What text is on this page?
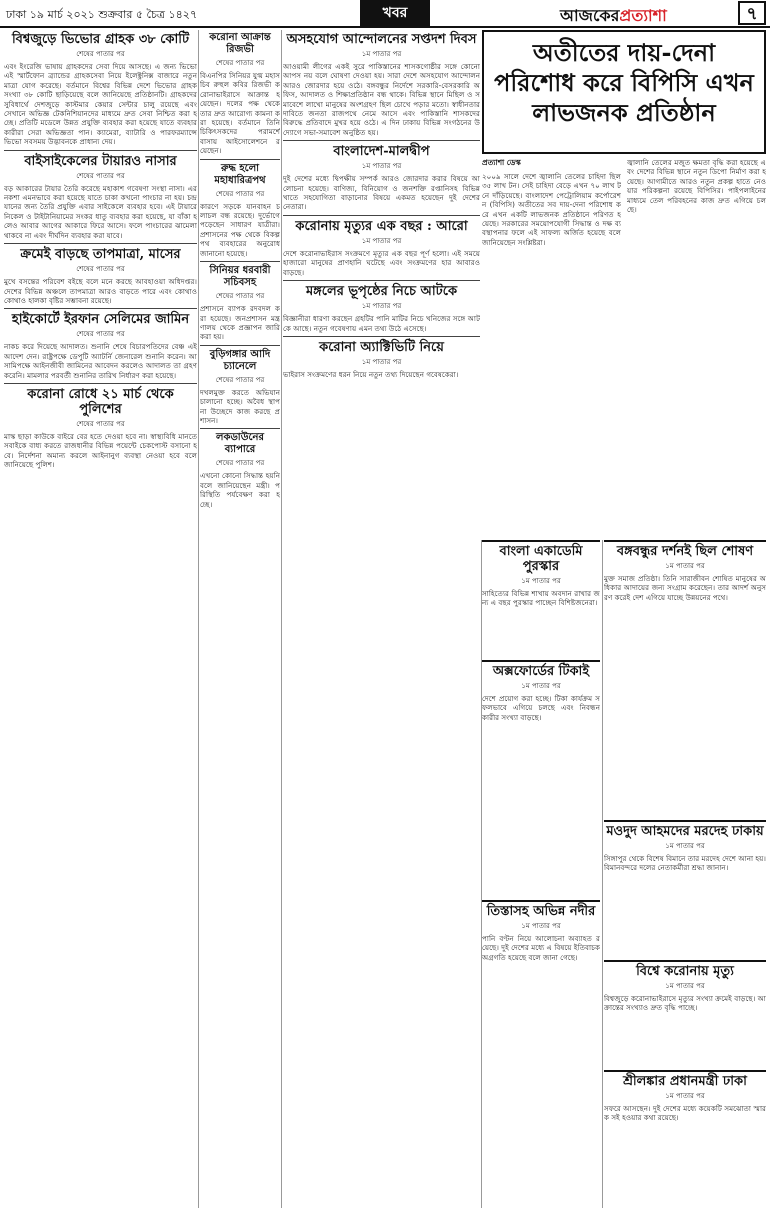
ঢাকা ১৯ মার্চ ২০২১ শুক্রবার ৫ চৈত্র ১৪২৭	খবর	আজকেরপ্রত্যাশা	৭
বিশ্বজুড়ে ভিভোর গ্রাহক ৩৮ কোটি
শেষের পাতার পর

এবং ইংরেজি ভাষায় গ্রাহকদের সেবা দিয়ে আসছে। এ জন্য ভিভো এই স্মার্টফোন ব্র্যান্ডের গ্রাহকসেবা নিয়ে ইলেক্ট্রনিক্স বাজারে নতুন মাত্রা যোগ করেছে। বর্তমানে বিশ্বের বিভিন্ন দেশে ভিভোর গ্রাহক সংখ্যা ৩৮ কোটি ছাড়িয়েছে বলে জানিয়েছে প্রতিষ্ঠানটি। গ্রাহকদের সুবিধার্থে দেশজুড়ে কাস্টমার কেয়ার সেন্টার চালু রয়েছে এবং সেখানে অভিজ্ঞ টেকনিশিয়ানদের মাধ্যমে দ্রুত সেবা নিশ্চিত করা হচ্ছে। প্রতিটি মডেলে উন্নত প্রযুক্তি ব্যবহার করা হয়েছে যাতে ব্যবহারকারীরা সেরা অভিজ্ঞতা পান। ক্যামেরা, ব্যাটারি ও পারফরম্যান্সে ভিভো সবসময় উদ্ভাবনকে প্রাধান্য দেয়।

বাইসাইকেলের টায়ারও নাসার
শেষের পাতার পর

বড় আকারের টায়ার তৈরি করেছে মহাকাশ গবেষণা সংস্থা নাসা। এর নকশা এমনভাবে করা হয়েছে যাতে চাকা কখনো পাংচার না হয়। চন্দ্রযানের জন্য তৈরি প্রযুক্তি এবার সাইকেলে ব্যবহার হবে। এই টায়ারে নিকেল ও টাইটানিয়ামের সংকর ধাতু ব্যবহার করা হয়েছে, যা বাঁকা হলেও আবার আগের আকারে ফিরে আসে। ফলে পাংচারের ঝামেলা থাকবে না এবং দীর্ঘদিন ব্যবহার করা যাবে।

ক্রমেই বাড়ছে তাপমাত্রা, মাসের
শেষের পাতার পর

মুখে বসন্তের পরিবেশ বইছে বলে মনে করছে আবহাওয়া অধিদপ্তর। দেশের বিভিন্ন অঞ্চলে তাপমাত্রা আরও বাড়তে পারে এবং কোথাও কোথাও হালকা বৃষ্টির সম্ভাবনা রয়েছে।

হাইকোর্টে ইরফান সেলিমের জামিন
শেষের পাতার পর

নাকচ করে দিয়েছে আদালত। শুনানি শেষে বিচারপতিদের বেঞ্চ এই আদেশ দেন। রাষ্ট্রপক্ষে ডেপুটি অ্যাটর্নি জেনারেল শুনানি করেন। আসামিপক্ষে আইনজীবী জামিনের আবেদন করলেও আদালত তা গ্রহণ করেনি। মামলার পরবর্তী শুনানির তারিখ নির্ধারণ করা হয়েছে।

করোনা রোধে ২১ মার্চ থেকে পুলিশের
শেষের পাতার পর

মাস্ক ছাড়া কাউকে বাইরে বের হতে দেওয়া হবে না। স্বাস্থ্যবিধি মানতে সবাইকে বাধ্য করতে রাজধানীর বিভিন্ন পয়েন্টে চেকপোস্ট বসানো হবে। নির্দেশনা অমান্য করলে আইনানুগ ব্যবস্থা নেওয়া হবে বলে জানিয়েছে পুলিশ।

করোনা আক্রান্ত রিজভী
শেষের পাতার পর

বিএনপির সিনিয়র যুগ্ম মহাসচিব রুহুল কবির রিজভী করোনাভাইরাসে আক্রান্ত হয়েছেন। দলের পক্ষ থেকে তার দ্রুত আরোগ্য কামনা করা হয়েছে। বর্তমানে তিনি চিকিৎসকদের পরামর্শে বাসায় আইসোলেশনে রয়েছেন।

রুদ্ধ হলো মহাধারিত্রপথ
শেষের পাতার পর

কারণে সড়কে যানবাহন চলাচল বন্ধ রয়েছে। দুর্ভোগে পড়েছেন সাধারণ যাত্রীরা। প্রশাসনের পক্ষ থেকে বিকল্প পথ ব্যবহারের অনুরোধ জানানো হয়েছে।

সিনিয়র ধরবারী সচিবসহ
শেষের পাতার পর

প্রশাসনে ব্যাপক রদবদল করা হয়েছে। জনপ্রশাসন মন্ত্রণালয় থেকে প্রজ্ঞাপন জারি করা হয়।

বুড়িগঙ্গার আদি চ্যানেলে
শেষের পাতার পর

দখলমুক্ত করতে অভিযান চালানো হচ্ছে। অবৈধ স্থাপনা উচ্ছেদে কাজ করছে প্রশাসন।

লকডাউনের ব্যাপারে
শেষের পাতার পর

এখনো কোনো সিদ্ধান্ত হয়নি বলে জানিয়েছেন মন্ত্রী। পরিস্থিতি পর্যবেক্ষণ করা হচ্ছে।

অসহযোগ আন্দোলনের সপ্তদশ দিবস
১ম পাতার পর

আওয়ামী লীগের একই সুরে পাকিস্তানের শাসকগোষ্ঠীর সঙ্গে কোনো আপস নয় বলে ঘোষণা দেওয়া হয়। সারা দেশে অসহযোগ আন্দোলন আরও জোরদার হয়ে ওঠে। বঙ্গবন্ধুর নির্দেশে সরকারি-বেসরকারি অফিস, আদালত ও শিক্ষাপ্রতিষ্ঠান বন্ধ থাকে। বিভিন্ন স্থানে মিছিল ও সমাবেশে লাখো মানুষের অংশগ্রহণ ছিল চোখে পড়ার মতো। স্বাধীনতার দাবিতে জনতা রাজপথে নেমে আসে এবং পাকিস্তানি শাসকদের বিরুদ্ধে প্রতিবাদে মুখর হয়ে ওঠে। এ দিন ঢাকায় বিভিন্ন সংগঠনের উদ্যোগে সভা-সমাবেশ অনুষ্ঠিত হয়।

বাংলাদেশ-মালদ্বীপ
১ম পাতার পর

দুই দেশের মধ্যে দ্বিপক্ষীয় সম্পর্ক আরও জোরদার করার বিষয়ে আলোচনা হয়েছে। বাণিজ্য, বিনিয়োগ ও জনশক্তি রপ্তানিসহ বিভিন্ন খাতে সহযোগিতা বাড়ানোর বিষয়ে একমত হয়েছেন দুই দেশের নেতারা।

করোনায় মৃত্যুর এক বছর : আরো
১ম পাতার পর

দেশে করোনাভাইরাস সংক্রমণে মৃত্যুর এক বছর পূর্ণ হলো। এই সময়ে হাজারো মানুষের প্রাণহানি ঘটেছে এবং সংক্রমণের হার আবারও বাড়ছে।

মঙ্গলের ভূপৃষ্ঠের নিচে আটকে
১ম পাতার পর

বিজ্ঞানীরা ধারণা করছেন গ্রহটির পানি মাটির নিচে খনিজের সঙ্গে আটকে আছে। নতুন গবেষণায় এমন তথ্য উঠে এসেছে।

করোনা অ্যাক্টিভিটি নিয়ে
১ম পাতার পর

ভাইরাস সংক্রমণের ধরন নিয়ে নতুন তথ্য দিয়েছেন গবেষকেরা।

অতীতের দায়-দেনা পরিশোধ করে বিপিসি এখন লাভজনক প্রতিষ্ঠান
প্রত্যাশা ডেস্ক

২০০৯ সালে দেশে জ্বালানি তেলের চাহিদা ছিল ৩৫ লাখ টন। সেই চাহিদা বেড়ে এখন ৭০ লাখ টনে দাঁড়িয়েছে। বাংলাদেশ পেট্রোলিয়াম কর্পোরেশন (বিপিসি) অতীতের সব দায়-দেনা পরিশোধ করে এখন একটি লাভজনক প্রতিষ্ঠানে পরিণত হয়েছে। সরকারের সময়োপযোগী সিদ্ধান্ত ও দক্ষ ব্যবস্থাপনার ফলে এই সাফল্য অর্জিত হয়েছে বলে জানিয়েছেন সংশ্লিষ্টরা।

জ্বালানি তেলের মজুত ক্ষমতা বৃদ্ধি করা হয়েছে এবং দেশের বিভিন্ন স্থানে নতুন ডিপো নির্মাণ করা হয়েছে। আগামীতে আরও নতুন প্রকল্প হাতে নেওয়ার পরিকল্পনা রয়েছে বিপিসির। পাইপলাইনের মাধ্যমে তেল পরিবহনের কাজ দ্রুত এগিয়ে চলছে।

বাংলা একাডেমি পুরস্কার
১ম পাতার পর

সাহিত্যের বিভিন্ন শাখায় অবদান রাখার জন্য এ বছর পুরস্কার পাচ্ছেন বিশিষ্টজনেরা।

অক্সফোর্ডের টিকাই
১ম পাতার পর

দেশে প্রয়োগ করা হচ্ছে। টিকা কার্যক্রম সফলভাবে এগিয়ে চলছে এবং নিবন্ধনকারীর সংখ্যা বাড়ছে।

তিস্তাসহ অভিন্ন নদীর
১ম পাতার পর

পানি বণ্টন নিয়ে আলোচনা অব্যাহত রয়েছে। দুই দেশের মধ্যে এ বিষয়ে ইতিবাচক অগ্রগতি হয়েছে বলে জানা গেছে।

বঙ্গবন্ধুর দর্শনই ছিল শোষণ
১ম পাতার পর

মুক্ত সমাজ প্রতিষ্ঠা। তিনি সারাজীবন শোষিত মানুষের অধিকার আদায়ের জন্য সংগ্রাম করেছেন। তার আদর্শ অনুসরণ করেই দেশ এগিয়ে যাচ্ছে উন্নয়নের পথে।

মওদুদ আহমদের মরদেহ ঢাকায়
১ম পাতার পর

সিঙ্গাপুর থেকে বিশেষ বিমানে তার মরদেহ দেশে আনা হয়। বিমানবন্দরে দলের নেতাকর্মীরা শ্রদ্ধা জানান।

বিশ্বে করোনায় মৃত্যু
১ম পাতার পর

বিশ্বজুড়ে করোনাভাইরাসে মৃত্যুর সংখ্যা ক্রমেই বাড়ছে। আক্রান্তের সংখ্যাও দ্রুত বৃদ্ধি পাচ্ছে।

শ্রীলঙ্কার প্রধানমন্ত্রী ঢাকা
১ম পাতার পর

সফরে আসছেন। দুই দেশের মধ্যে কয়েকটি সমঝোতা স্মারক সই হওয়ার কথা রয়েছে।
